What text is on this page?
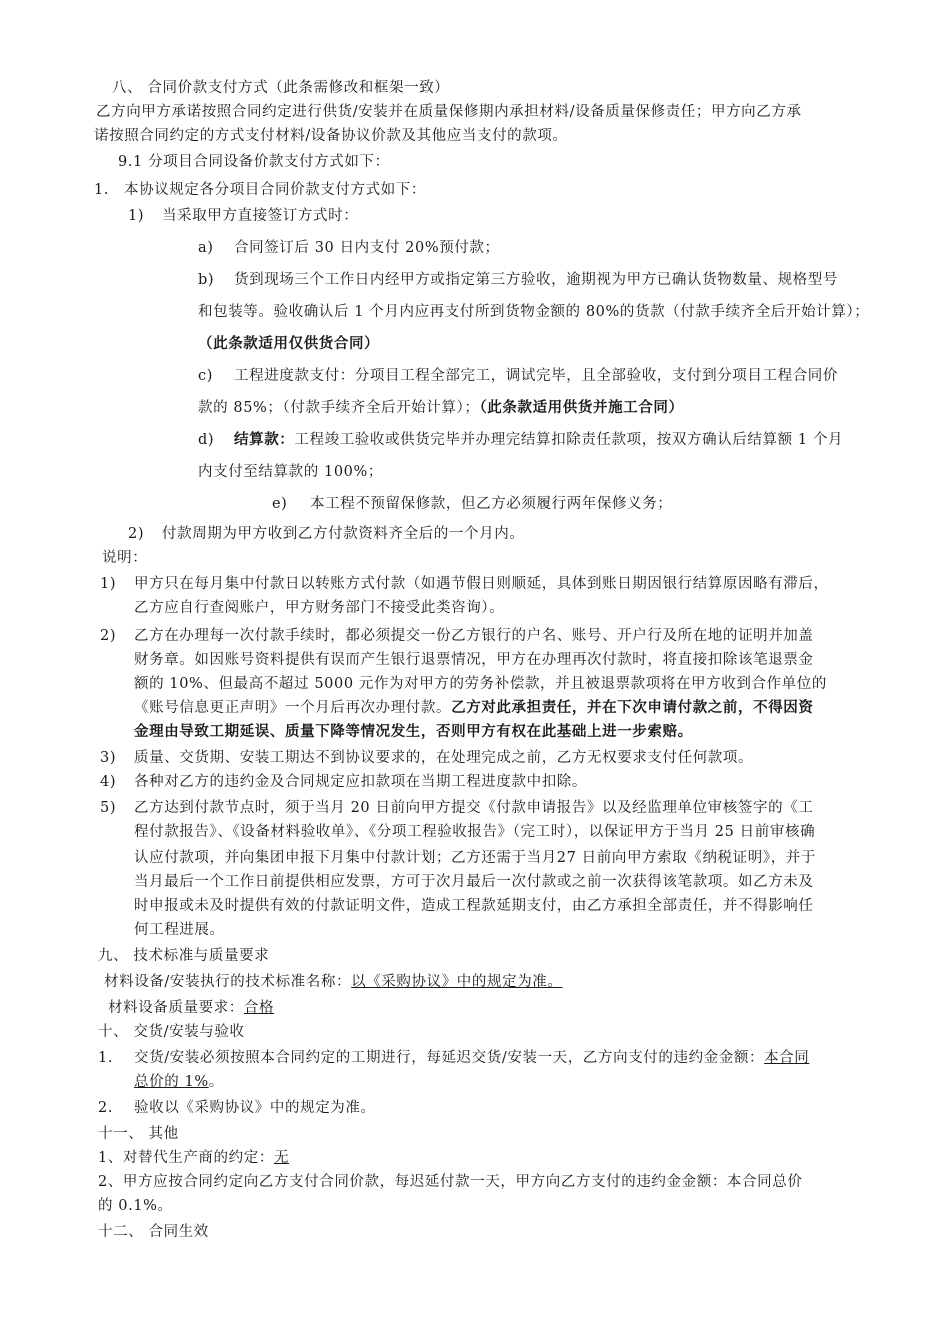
八、 合同价款支付方式（此条需修改和框架一致）
乙方向甲方承诺按照合同约定进行供货/安装并在质量保修期内承担材料/设备质量保修责任；甲方向乙方承
诺按照合同约定的方式支付材料/设备协议价款及其他应当支付的款项。
9.1 分项目合同设备价款支付方式如下：
1. 本协议规定各分项目合同价款支付方式如下：
1) 当采取甲方直接签订方式时：
a) 合同签订后 30 日内支付 20%预付款；
b) 货到现场三个工作日内经甲方或指定第三方验收，逾期视为甲方已确认货物数量、规格型号
和包装等。验收确认后 1 个月内应再支付所到货物金额的 80%的货款（付款手续齐全后开始计算）；
（此条款适用仅供货合同）
c) 工程进度款支付：分项目工程全部完工，调试完毕，且全部验收，支付到分项目工程合同价
款的 85%；（付款手续齐全后开始计算）；（此条款适用供货并施工合同）
d) 结算款：工程竣工验收或供货完毕并办理完结算扣除责任款项，按双方确认后结算额 1 个月
内支付至结算款的 100%；
e) 本工程不预留保修款，但乙方必须履行两年保修义务；
2) 付款周期为甲方收到乙方付款资料齐全后的一个月内。
说明：
1) 甲方只在每月集中付款日以转账方式付款（如遇节假日则顺延，具体到账日期因银行结算原因略有滞后，
乙方应自行查阅账户，甲方财务部门不接受此类咨询）。
2) 乙方在办理每一次付款手续时，都必须提交一份乙方银行的户名、账号、开户行及所在地的证明并加盖
财务章。如因账号资料提供有误而产生银行退票情况，甲方在办理再次付款时，将直接扣除该笔退票金
额的 10%、但最高不超过 5000 元作为对甲方的劳务补偿款，并且被退票款项将在甲方收到合作单位的
《账号信息更正声明》一个月后再次办理付款。乙方对此承担责任，并在下次申请付款之前，不得因资
金理由导致工期延误、质量下降等情况发生，否则甲方有权在此基础上进一步索赔。
3) 质量、交货期、安装工期达不到协议要求的，在处理完成之前，乙方无权要求支付任何款项。
4) 各种对乙方的违约金及合同规定应扣款项在当期工程进度款中扣除。
5) 乙方达到付款节点时，须于当月 20 日前向甲方提交《付款申请报告》以及经监理单位审核签字的《工
程付款报告》、《设备材料验收单》、《分项工程验收报告》（完工时），以保证甲方于当月 25 日前审核确
认应付款项，并向集团申报下月集中付款计划；乙方还需于当月27 日前向甲方索取《纳税证明》，并于
当月最后一个工作日前提供相应发票，方可于次月最后一次付款或之前一次获得该笔款项。如乙方未及
时申报或未及时提供有效的付款证明文件，造成工程款延期支付，由乙方承担全部责任，并不得影响任
何工程进展。
九、 技术标准与质量要求
材料设备/安装执行的技术标准名称：以《采购协议》中的规定为准。
材料设备质量要求：合格
十、 交货/安装与验收
1. 交货/安装必须按照本合同约定的工期进行，每延迟交货/安装一天，乙方向支付的违约金金额：本合同
总价的 1%。
2. 验收以《采购协议》中的规定为准。
十一、 其他
1、对替代生产商的约定：无
2、甲方应按合同约定向乙方支付合同价款，每迟延付款一天，甲方向乙方支付的违约金金额：本合同总价
的 0.1%。
十二、 合同生效
